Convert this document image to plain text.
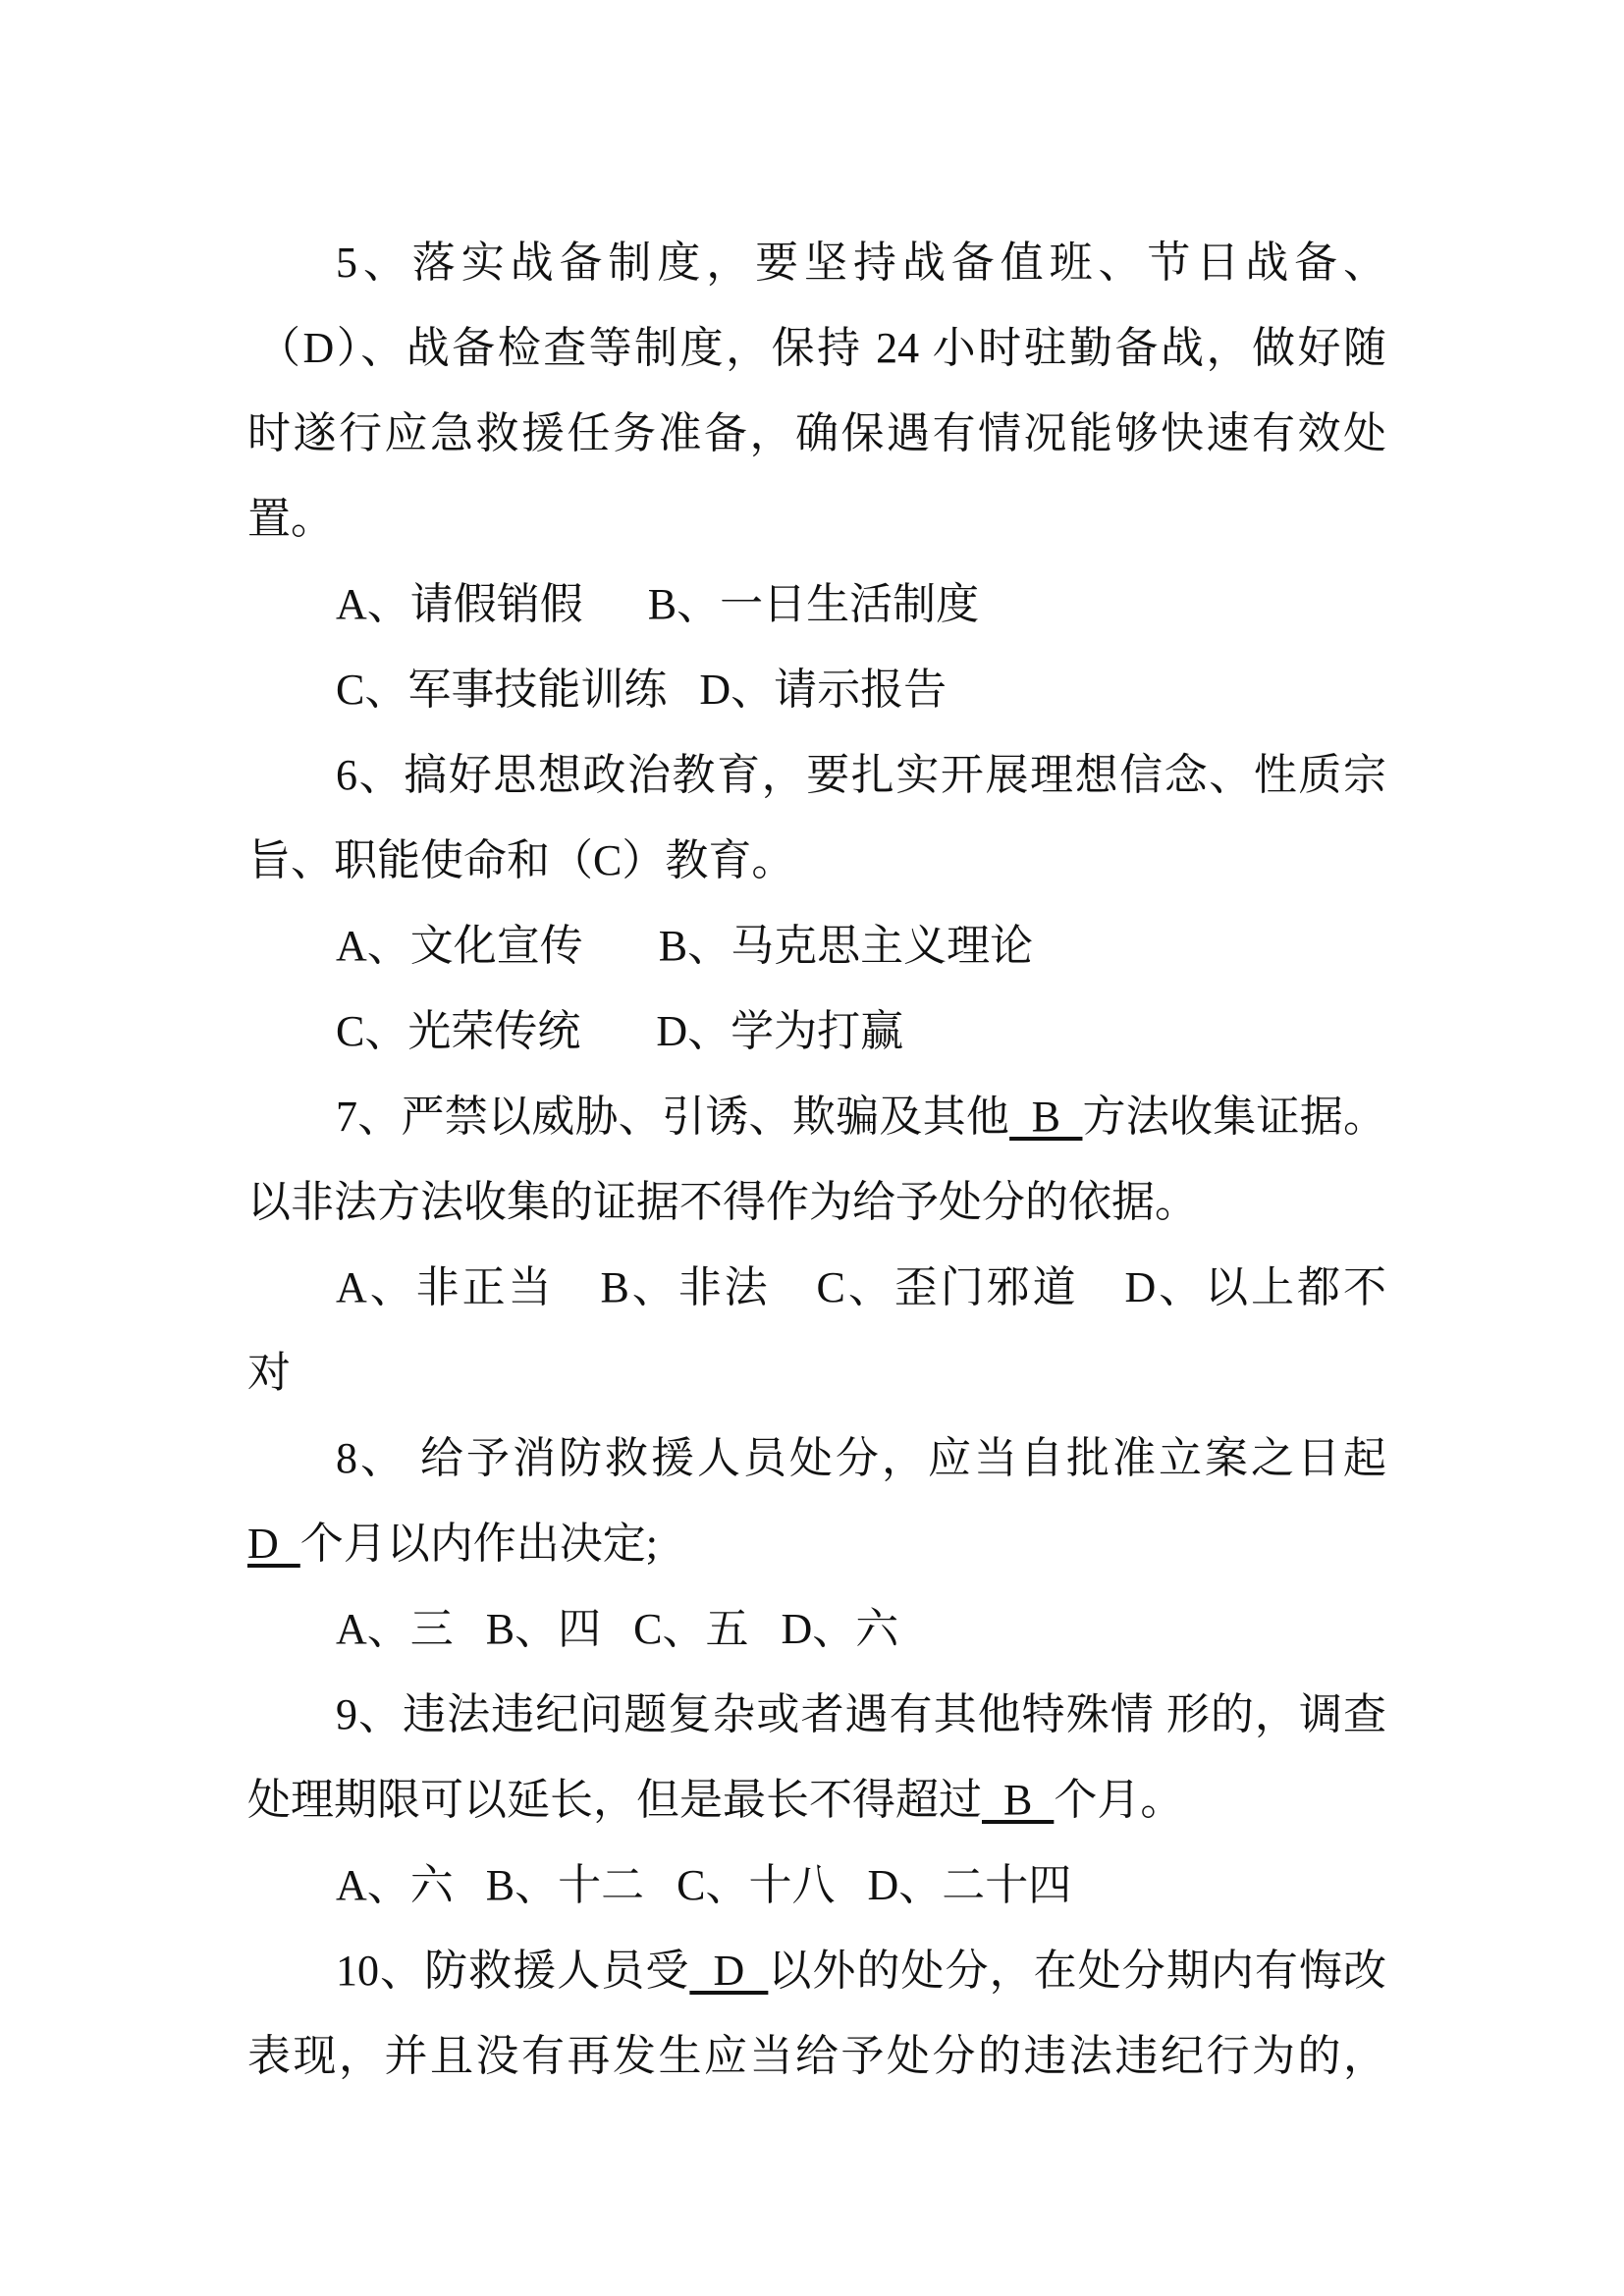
5、落实战备制度，要坚持战备值班、节日战备、
（D）、战备检查等制度，保持 24 小时驻勤备战，做好随
时遂行应急救援任务准备，确保遇有情况能够快速有效处
置。
A、请假销假      B、一日生活制度
C、军事技能训练   D、请示报告
6、搞好思想政治教育，要扎实开展理想信念、性质宗
旨、职能使命和（C）教育。
A、文化宣传       B、马克思主义理论
C、光荣传统       D、学为打赢
7、严禁以威胁、引诱、欺骗及其他  B  方法收集证据。
以非法方法收集的证据不得作为给予处分的依据。
A、非正当　B、非法　C、歪门邪道　D、以上都不
对
8、 给予消防救援人员处分，应当自批准立案之日起
D  个月以内作出决定;
A、三   B、四   C、五   D、六
9、违法违纪问题复杂或者遇有其他特殊情 形的，调查
处理期限可以延长，但是最长不得超过  B  个月。
A、六   B、十二   C、十八   D、二十四
10、防救援人员受  D  以外的处分，在处分期内有悔改
表现，并且没有再发生应当给予处分的违法违纪行为的，
